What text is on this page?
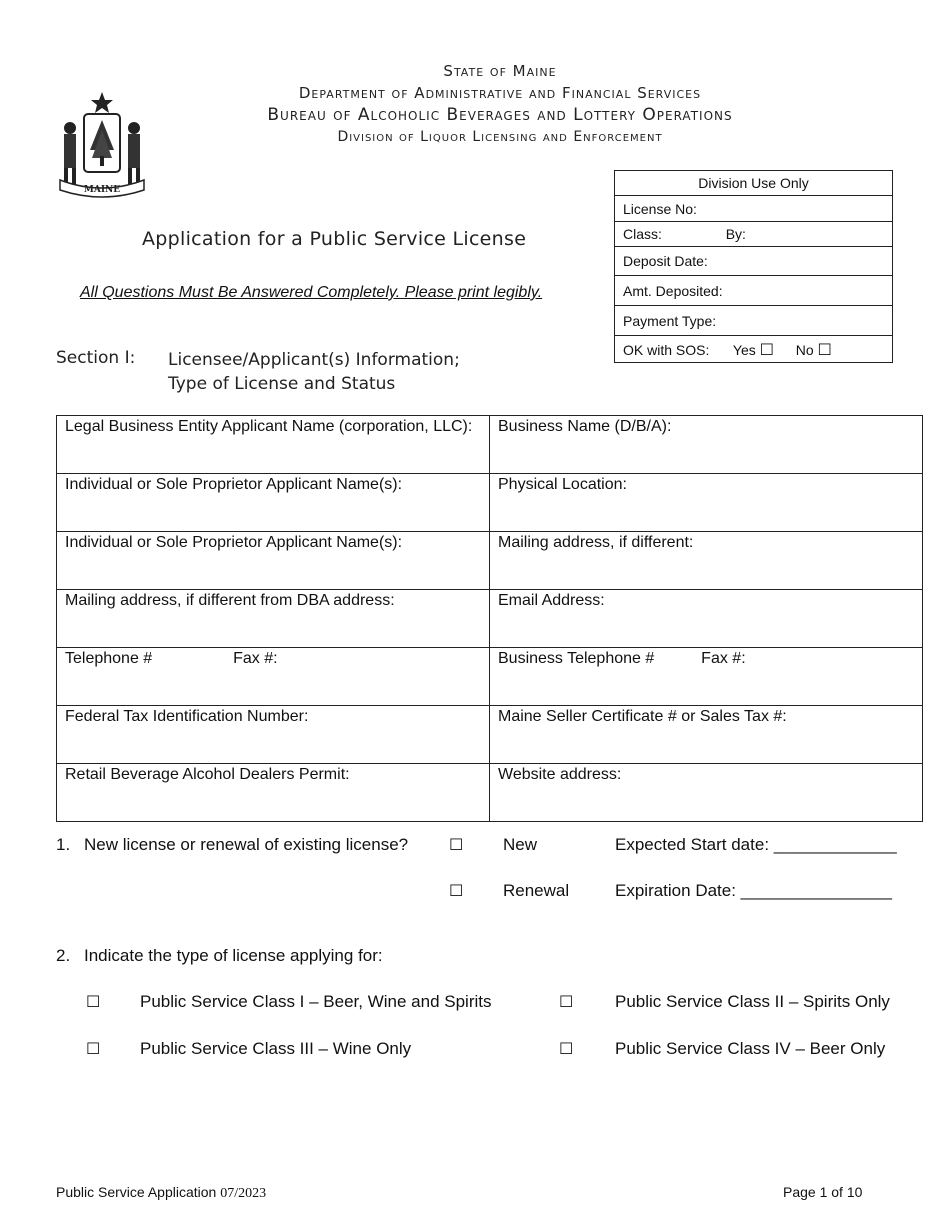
State of Maine
Department of Administrative and Financial Services
Bureau of Alcoholic Beverages and Lottery Operations
Division of Liquor Licensing and Enforcement
MAINE
Application for a Public Service License
All Questions Must Be Answered Completely. Please print legibly.
Division Use Only
License No:
Class:	By:
Deposit Date:
Amt. Deposited:
Payment Type:
OK with SOS: Yes ☐ No ☐
Section I: Licensee/Applicant(s) Information;
Type of License and Status
Legal Business Entity Applicant Name (corporation, LLC):	Business Name (D/B/A):
Individual or Sole Proprietor Applicant Name(s):	Physical Location:
Individual or Sole Proprietor Applicant Name(s):	Mailing address, if different:
Mailing address, if different from DBA address:	Email Address:
Telephone # Fax #:	Business Telephone # Fax #:
Federal Tax Identification Number:	Maine Seller Certificate # or Sales Tax #:
Retail Beverage Alcohol Dealers Permit:	Website address:
1. New license or renewal of existing license?	☐ New	Expected Start date: _____________
☐ Renewal	Expiration Date: ________________
2. Indicate the type of license applying for:
☐ Public Service Class I – Beer, Wine and Spirits	☐ Public Service Class II – Spirits Only
☐ Public Service Class III – Wine Only	☐ Public Service Class IV – Beer Only
Public Service Application 07/2023	Page 1 of 10
